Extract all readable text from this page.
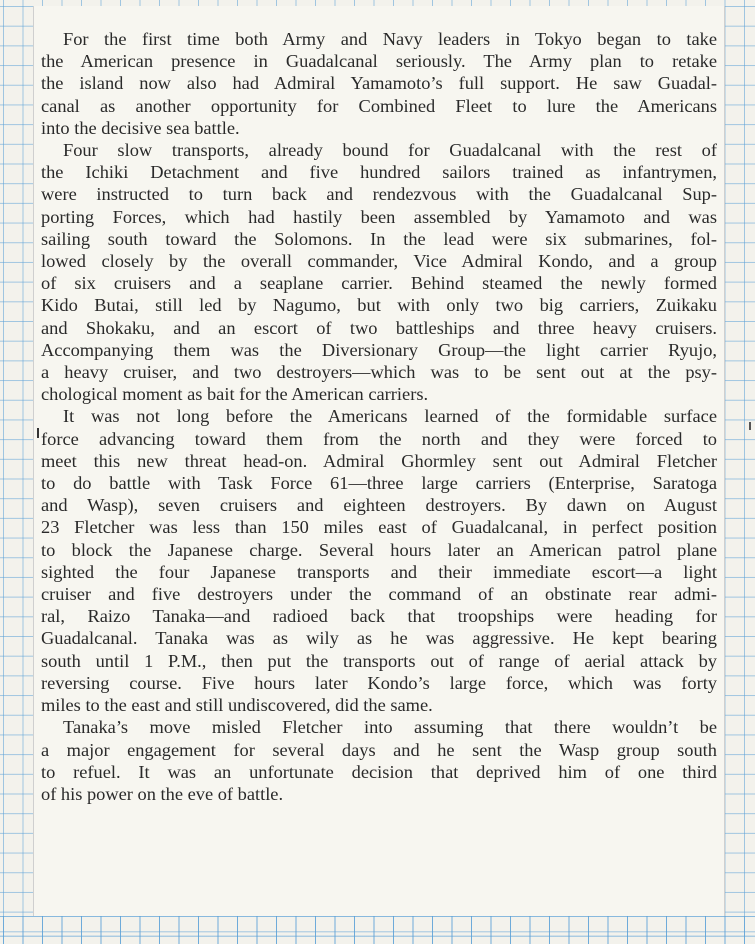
For the first time both Army and Navy leaders in Tokyo began to take
the American presence in Guadalcanal seriously. The Army plan to retake
the island now also had Admiral Yamamoto’s full support. He saw Guadal-
canal as another opportunity for Combined Fleet to lure the Americans
into the decisive sea battle.
Four slow transports, already bound for Guadalcanal with the rest of
the Ichiki Detachment and five hundred sailors trained as infantrymen,
were instructed to turn back and rendezvous with the Guadalcanal Sup-
porting Forces, which had hastily been assembled by Yamamoto and was
sailing south toward the Solomons. In the lead were six submarines, fol-
lowed closely by the overall commander, Vice Admiral Kondo, and a group
of six cruisers and a seaplane carrier. Behind steamed the newly formed
Kido Butai, still led by Nagumo, but with only two big carriers, Zuikaku
and Shokaku, and an escort of two battleships and three heavy cruisers.
Accompanying them was the Diversionary Group—the light carrier Ryujo,
a heavy cruiser, and two destroyers—which was to be sent out at the psy-
chological moment as bait for the American carriers.
It was not long before the Americans learned of the formidable surface
force advancing toward them from the north and they were forced to
meet this new threat head-on. Admiral Ghormley sent out Admiral Fletcher
to do battle with Task Force 61—three large carriers (Enterprise, Saratoga
and Wasp), seven cruisers and eighteen destroyers. By dawn on August
23 Fletcher was less than 150 miles east of Guadalcanal, in perfect position
to block the Japanese charge. Several hours later an American patrol plane
sighted the four Japanese transports and their immediate escort—a light
cruiser and five destroyers under the command of an obstinate rear admi-
ral, Raizo Tanaka—and radioed back that troopships were heading for
Guadalcanal. Tanaka was as wily as he was aggressive. He kept bearing
south until 1 P.M., then put the transports out of range of aerial attack by
reversing course. Five hours later Kondo’s large force, which was forty
miles to the east and still undiscovered, did the same.
Tanaka’s move misled Fletcher into assuming that there wouldn’t be
a major engagement for several days and he sent the Wasp group south
to refuel. It was an unfortunate decision that deprived him of one third
of his power on the eve of battle.
